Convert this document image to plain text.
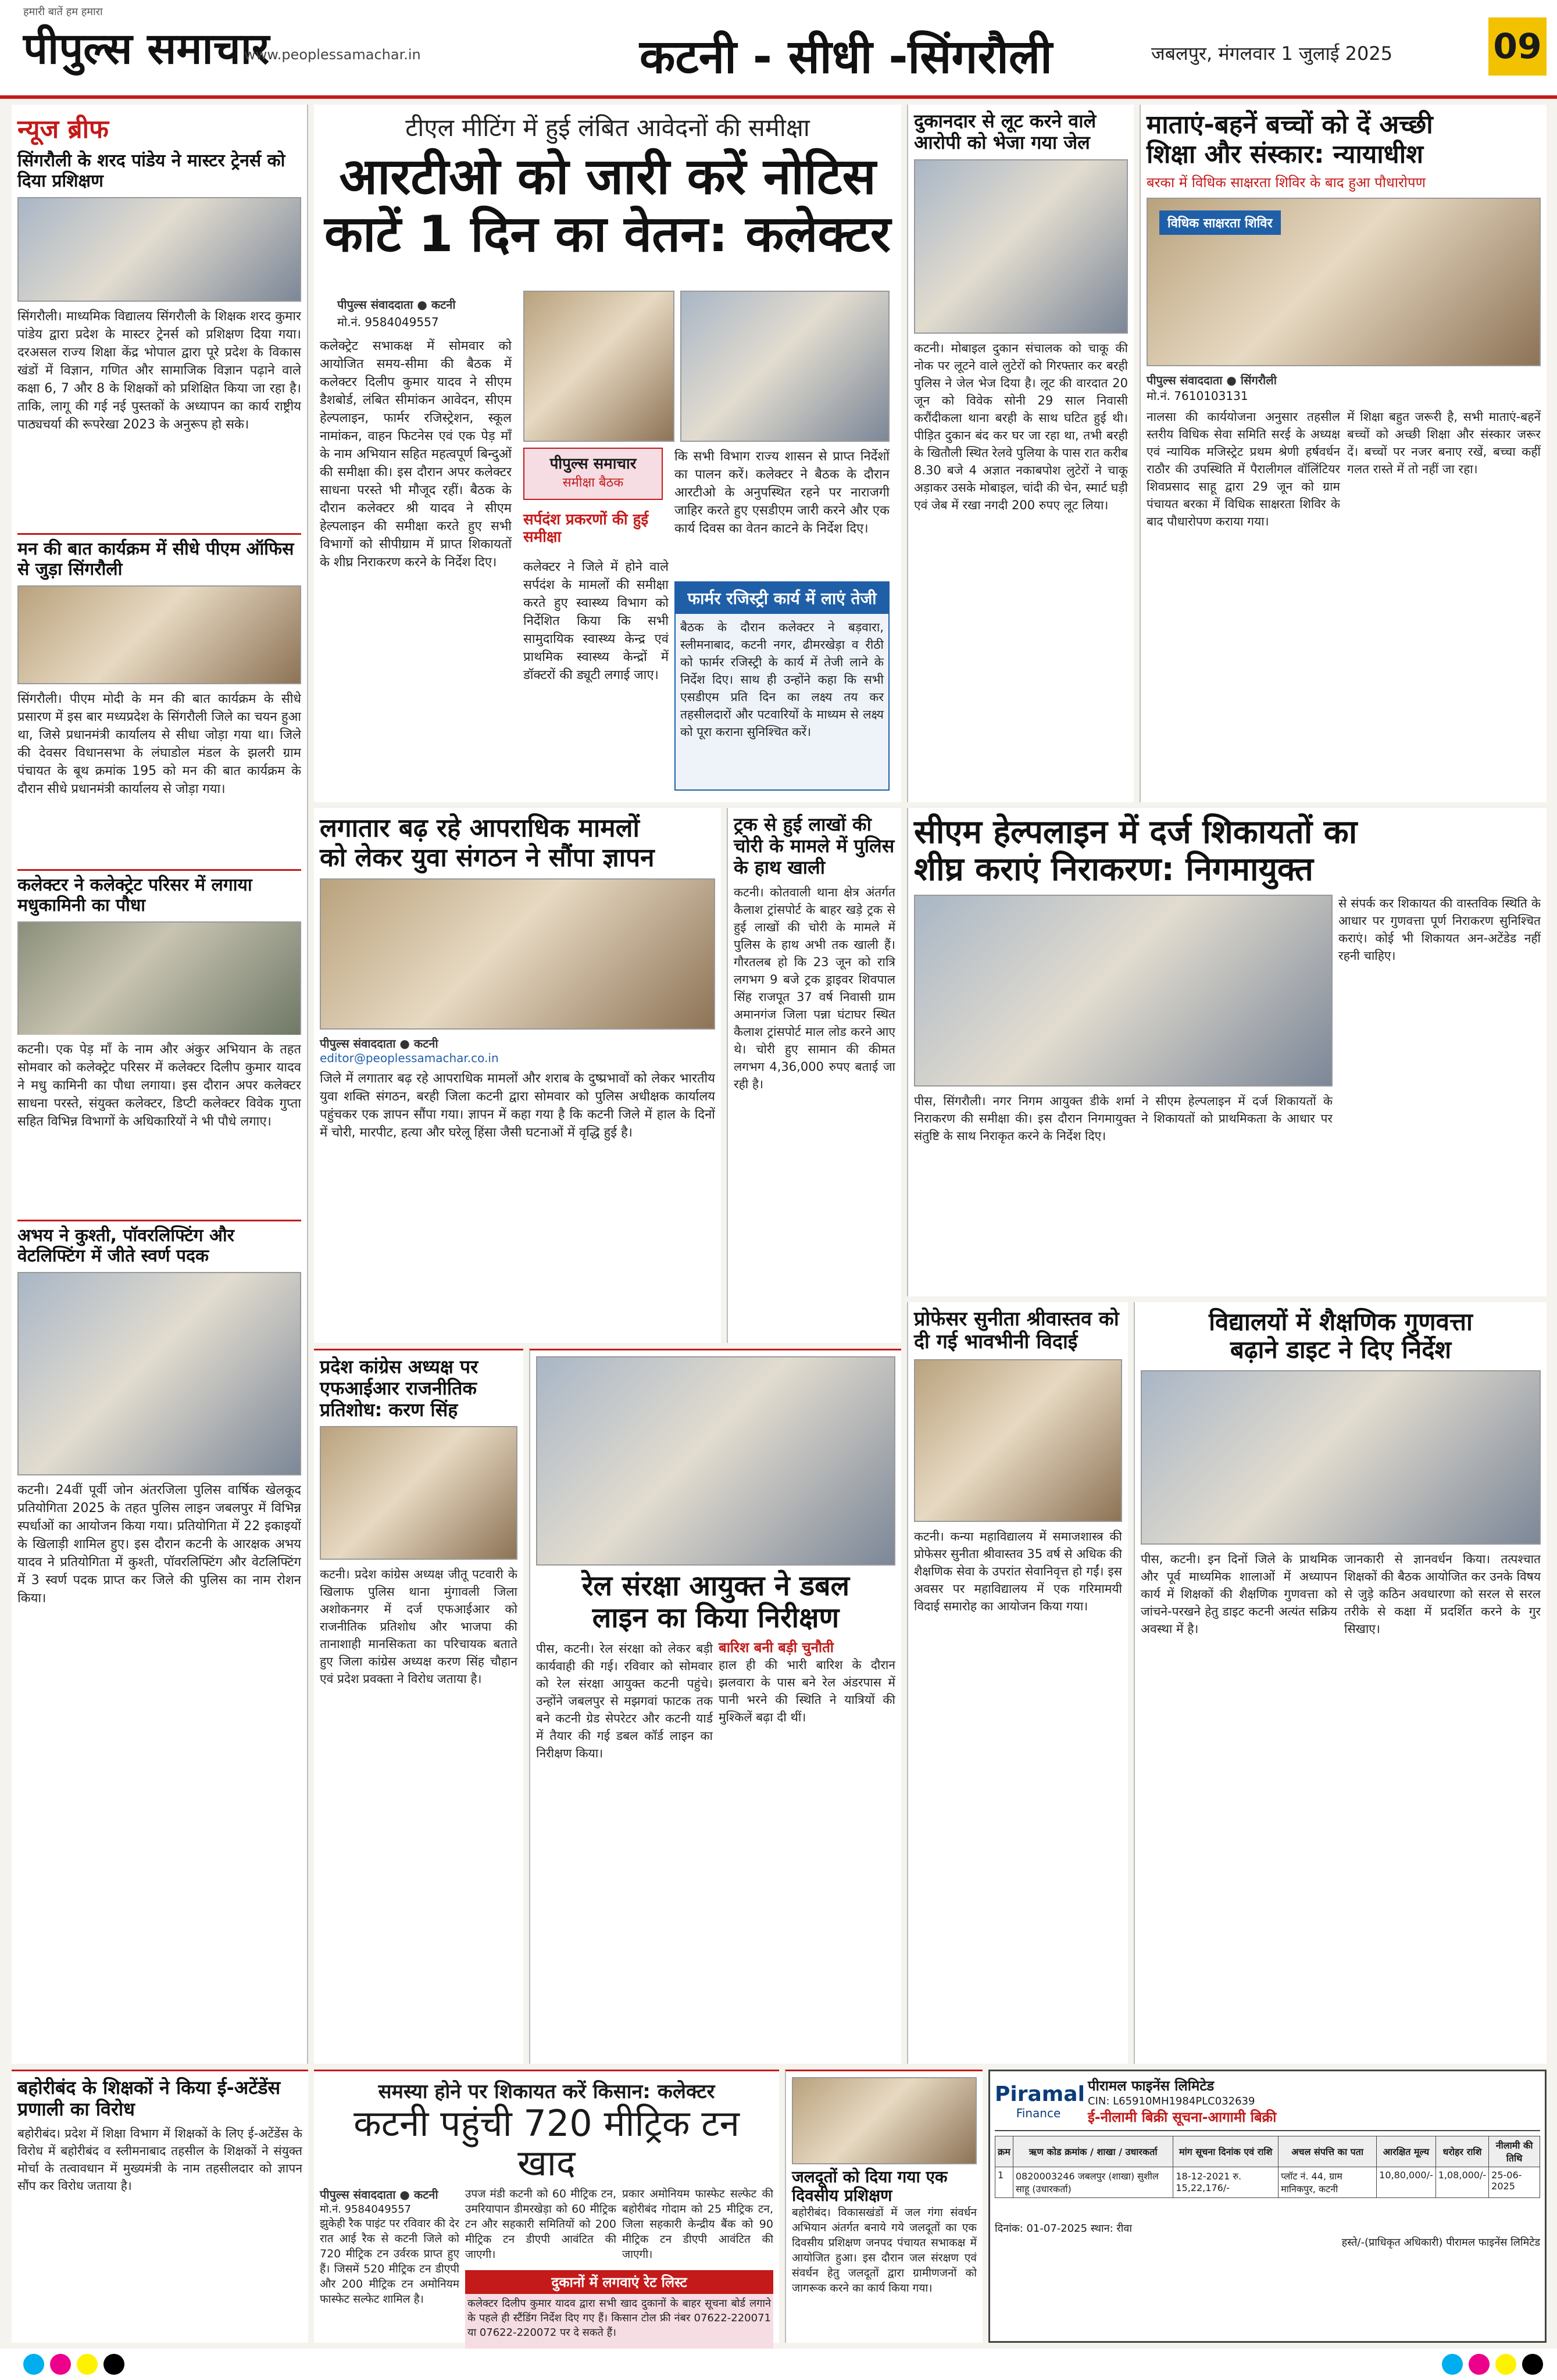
हमारी बातें हम हमारा
पीपुल्स समाचार
www.peoplessamachar.in	कटनी - सीधी -सिंगरौली	जबलपुर, मंगलवार 1 जुलाई 2025	09
न्यूज ब्रीफ
सिंगरौली के शरद पांडेय ने मास्टर ट्रेनर्स को दिया प्रशिक्षण
सिंगरौली। माध्यमिक विद्यालय सिंगरौली के शिक्षक शरद कुमार पांडेय द्वारा प्रदेश के मास्टर ट्रेनर्स को प्रशिक्षण दिया गया। दरअसल राज्य शिक्षा केंद्र भोपाल द्वारा पूरे प्रदेश के विकास खंडों में विज्ञान, गणित और सामाजिक विज्ञान पढ़ाने वाले कक्षा 6, 7 और 8 के शिक्षकों को प्रशिक्षित किया जा रहा है। ताकि, लागू की गई नई पुस्तकों के अध्यापन का कार्य राष्ट्रीय पाठ्यचर्या की रूपरेखा 2023 के अनुरूप हो सके।
मन की बात कार्यक्रम में सीधे पीएम ऑफिस से जुड़ा सिंगरौली
सिंगरौली। पीएम मोदी के मन की बात कार्यक्रम के सीधे प्रसारण में इस बार मध्यप्रदेश के सिंगरौली जिले का चयन हुआ था, जिसे प्रधानमंत्री कार्यालय से सीधा जोड़ा गया था। जिले की देवसर विधानसभा के लंघाडोल मंडल के झलरी ग्राम पंचायत के बूथ क्रमांक 195 को मन की बात कार्यक्रम के दौरान सीधे प्रधानमंत्री कार्यालय से जोड़ा गया।
कलेक्टर ने कलेक्ट्रेट परिसर में लगाया मधुकामिनी का पौधा
कटनी। एक पेड़ माँ के नाम और अंकुर अभियान के तहत सोमवार को कलेक्ट्रेट परिसर में कलेक्टर दिलीप कुमार यादव ने मधु कामिनी का पौधा लगाया। इस दौरान अपर कलेक्टर साधना परस्ते, संयुक्त कलेक्टर, डिप्टी कलेक्टर विवेक गुप्ता सहित विभिन्न विभागों के अधिकारियों ने भी पौधे लगाए।
अभय ने कुश्ती, पॉवरलिफ्टिंग और वेटलिफ्टिंग में जीते स्वर्ण पदक
कटनी। 24वीं पूर्वी जोन अंतरजिला पुलिस वार्षिक खेलकूद प्रतियोगिता 2025 के तहत पुलिस लाइन जबलपुर में विभिन्न स्पर्धाओं का आयोजन किया गया। प्रतियोगिता में 22 इकाइयों के खिलाड़ी शामिल हुए। इस दौरान कटनी के आरक्षक अभय यादव ने प्रतियोगिता में कुश्ती, पॉवरलिफ्टिंग और वेटलिफ्टिंग में 3 स्वर्ण पदक प्राप्त कर जिले की पुलिस का नाम रोशन किया।
टीएल मीटिंग में हुई लंबित आवेदनों की समीक्षा
आरटीओ को जारी करें नोटिस
काटें 1 दिन का वेतन: कलेक्टर
पीपुल्स संवाददाता ● कटनी
मो.नं. 9584049557
कलेक्ट्रेट सभाकक्ष में सोमवार को आयोजित समय-सीमा की बैठक में कलेक्टर दिलीप कुमार यादव ने सीएम डैशबोर्ड, लंबित सीमांकन आवेदन, सीएम हेल्पलाइन, फार्मर रजिस्ट्रेशन, स्कूल नामांकन, वाहन फिटनेस एवं एक पेड़ माँ के नाम अभियान सहित महत्वपूर्ण बिन्दुओं की समीक्षा की। इस दौरान अपर कलेक्टर साधना परस्ते भी मौजूद रहीं। बैठक के दौरान कलेक्टर श्री यादव ने सीएम हेल्पलाइन की समीक्षा करते हुए सभी विभागों को सीपीग्राम में प्राप्त शिकायतों के शीघ्र निराकरण करने के निर्देश दिए।
पीपुल्स समाचार
समीक्षा बैठक
कि सभी विभाग राज्य शासन से प्राप्त निर्देशों का पालन करें। कलेक्टर ने बैठक के दौरान आरटीओ के अनुपस्थित रहने पर नाराजगी जाहिर करते हुए एसडीएम जारी करने और एक कार्य दिवस का वेतन काटने के निर्देश दिए।
सर्पदंश प्रकरणों की हुई समीक्षा
कलेक्टर ने जिले में होने वाले सर्पदंश के मामलों की समीक्षा करते हुए स्वास्थ्य विभाग को निर्देशित किया कि सभी सामुदायिक स्वास्थ्य केन्द्र एवं प्राथमिक स्वास्थ्य केन्द्रों में डॉक्टरों की ड्यूटी लगाई जाए।
फार्मर रजिस्ट्री कार्य में लाएं तेजी
बैठक के दौरान कलेक्टर ने बड़वारा, स्लीमनाबाद, कटनी नगर, ढीमरखेड़ा व रीठी को फार्मर रजिस्ट्री के कार्य में तेजी लाने के निर्देश दिए। साथ ही उन्होंने कहा कि सभी एसडीएम प्रति दिन का लक्ष्य तय कर तहसीलदारों और पटवारियों के माध्यम से लक्ष्य को पूरा कराना सुनिश्चित करें।
लगातार बढ़ रहे आपराधिक मामलों
को लेकर युवा संगठन ने सौंपा ज्ञापन
पीपुल्स संवाददाता ● कटनी
editor@peoplessamachar.co.in
जिले में लगातार बढ़ रहे आपराधिक मामलों और शराब के दुष्प्रभावों को लेकर भारतीय युवा शक्ति संगठन, बरही जिला कटनी द्वारा सोमवार को पुलिस अधीक्षक कार्यालय पहुंचकर एक ज्ञापन सौंपा गया। ज्ञापन में कहा गया है कि कटनी जिले में हाल के दिनों में चोरी, मारपीट, हत्या और घरेलू हिंसा जैसी घटनाओं में वृद्धि हुई है।
ट्रक से हुई लाखों की चोरी के मामले में पुलिस के हाथ खाली
कटनी। कोतवाली थाना क्षेत्र अंतर्गत कैलाश ट्रांसपोर्ट के बाहर खड़े ट्रक से हुई लाखों की चोरी के मामले में पुलिस के हाथ अभी तक खाली हैं। गौरतलब हो कि 23 जून को रात्रि लगभग 9 बजे ट्रक ड्राइवर शिवपाल सिंह राजपूत 37 वर्ष निवासी ग्राम अमानगंज जिला पन्ना घंटाघर स्थित कैलाश ट्रांसपोर्ट माल लोड करने आए थे। चोरी हुए सामान की कीमत लगभग 4,36,000 रुपए बताई जा रही है।
दुकानदार से लूट करने वाले आरोपी को भेजा गया जेल
कटनी। मोबाइल दुकान संचालक को चाकू की नोक पर लूटने वाले लुटेरों को गिरफ्तार कर बरही पुलिस ने जेल भेज दिया है। लूट की वारदात 20 जून को विवेक सोनी 29 साल निवासी करौंदीकला थाना बरही के साथ घटित हुई थी। पीड़ित दुकान बंद कर घर जा रहा था, तभी बरही के खितौली स्थित रेलवे पुलिया के पास रात करीब 8.30 बजे 4 अज्ञात नकाबपोश लुटेरों ने चाकू अड़ाकर उसके मोबाइल, चांदी की चेन, स्मार्ट घड़ी एवं जेब में रखा नगदी 200 रुपए लूट लिया।
माताएं-बहनें बच्चों को दें अच्छी
शिक्षा और संस्कार: न्यायाधीश
बरका में विधिक साक्षरता शिविर के बाद हुआ पौधारोपण
विधिक साक्षरता शिविर
पीपुल्स संवाददाता ● सिंगरौली
मो.नं. 7610103131
नालसा की कार्ययोजना अनुसार तहसील स्तरीय विधिक सेवा समिति सरई के अध्यक्ष एवं न्यायिक मजिस्ट्रेट प्रथम श्रेणी हर्षवर्धन राठौर की उपस्थिति में पैरालीगल वॉलिंटियर शिवप्रसाद साहू द्वारा 29 जून को ग्राम पंचायत बरका में विधिक साक्षरता शिविर के बाद पौधारोपण कराया गया।
में शिक्षा बहुत जरूरी है, सभी माताएं-बहनें बच्चों को अच्छी शिक्षा और संस्कार जरूर दें। बच्चों पर नजर बनाए रखें, बच्चा कहीं गलत रास्ते में तो नहीं जा रहा।
सीएम हेल्पलाइन में दर्ज शिकायतों का
शीघ्र कराएं निराकरण: निगमायुक्त
से संपर्क कर शिकायत की वास्तविक स्थिति के आधार पर गुणवत्ता पूर्ण निराकरण सुनिश्चित कराएं। कोई भी शिकायत अन-अटेंडेड नहीं रहनी चाहिए।
पीस, सिंगरौली। नगर निगम आयुक्त डीके शर्मा ने सीएम हेल्पलाइन में दर्ज शिकायतों के निराकरण की समीक्षा की। इस दौरान निगमायुक्त ने शिकायतों को प्राथमिकता के आधार पर संतुष्टि के साथ निराकृत करने के निर्देश दिए।
प्रदेश कांग्रेस अध्यक्ष पर
एफआईआर राजनीतिक
प्रतिशोध: करण सिंह
कटनी। प्रदेश कांग्रेस अध्यक्ष जीतू पटवारी के खिलाफ पुलिस थाना मुंगावली जिला अशोकनगर में दर्ज एफआईआर को राजनीतिक प्रतिशोध और भाजपा की तानाशाही मानसिकता का परिचायक बताते हुए जिला कांग्रेस अध्यक्ष करण सिंह चौहान एवं प्रदेश प्रवक्ता ने विरोध जताया है।
रेल संरक्षा आयुक्त ने डबल
लाइन का किया निरीक्षण
पीस, कटनी। रेल संरक्षा को लेकर बड़ी कार्यवाही की गई। रविवार को सोमवार को रेल संरक्षा आयुक्त कटनी पहुंचे। उन्होंने जबलपुर से मझगवां फाटक तक बने कटनी ग्रेड सेपरेटर और कटनी यार्ड में तैयार की गई डबल कॉर्ड लाइन का निरीक्षण किया।
बारिश बनी बड़ी चुनौती
हाल ही की भारी बारिश के दौरान झलवारा के पास बने रेल अंडरपास में पानी भरने की स्थिति ने यात्रियों की मुश्किलें बढ़ा दी थीं।
प्रोफेसर सुनीता श्रीवास्तव को दी गई भावभीनी विदाई
कटनी। कन्या महाविद्यालय में समाजशास्त्र की प्रोफेसर सुनीता श्रीवास्तव 35 वर्ष से अधिक की शैक्षणिक सेवा के उपरांत सेवानिवृत्त हो गईं। इस अवसर पर महाविद्यालय में एक गरिमामयी विदाई समारोह का आयोजन किया गया।
विद्यालयों में शैक्षणिक गुणवत्ता
बढ़ाने डाइट ने दिए निर्देश
पीस, कटनी। इन दिनों जिले के प्राथमिक और पूर्व माध्यमिक शालाओं में अध्यापन कार्य में शिक्षकों की शैक्षणिक गुणवत्ता को जांचने-परखने हेतु डाइट कटनी अत्यंत सक्रिय अवस्था में है।
जानकारी से ज्ञानवर्धन किया। तत्पश्चात शिक्षकों की बैठक आयोजित कर उनके विषय से जुड़े कठिन अवधारणा को सरल से सरल तरीके से कक्षा में प्रदर्शित करने के गुर सिखाए।
बहोरीबंद के शिक्षकों ने किया ई-अटेंडेंस प्रणाली का विरोध
बहोरीबंद। प्रदेश में शिक्षा विभाग में शिक्षकों के लिए ई-अटेंडेंस के विरोध में बहोरीबंद व स्लीमनाबाद तहसील के शिक्षकों ने संयुक्त मोर्चा के तत्वावधान में मुख्यमंत्री के नाम तहसीलदार को ज्ञापन सौंप कर विरोध जताया है।
समस्या होने पर शिकायत करें किसान: कलेक्टर
कटनी पहुंची 720 मीट्रिक टन खाद
पीपुल्स संवाददाता ● कटनी
मो.नं. 9584049557
झुकेही रैक पाइंट पर रविवार की देर रात आई रैक से कटनी जिले को 720 मीट्रिक टन उर्वरक प्राप्त हुए हैं। जिसमें 520 मीट्रिक टन डीएपी और 200 मीट्रिक टन अमोनियम फास्फेट सल्फेट शामिल है।
उपज मंडी कटनी को 60 मीट्रिक टन, उमरियापान डीमरखेड़ा को 60 मीट्रिक टन और सहकारी समितियों को 200 मीट्रिक टन डीएपी आवंटित की जाएगी।
प्रकार अमोनियम फास्फेट सल्फेट की बहोरीबंद गोदाम को 25 मीट्रिक टन, जिला सहकारी केन्द्रीय बैंक को 90 मीट्रिक टन डीएपी आवंटित की जाएगी।
दुकानों में लगवाएं रेट लिस्ट
कलेक्टर दिलीप कुमार यादव द्वारा सभी खाद दुकानों के बाहर सूचना बोर्ड लगाने के पहले ही स्टैंडिंग निर्देश दिए गए हैं। किसान टोल फ्री नंबर 07622-220071 या 07622-220072 पर दे सकते हैं।
जलदूतों को दिया गया एक दिवसीय प्रशिक्षण
बहोरीबंद। विकासखंडों में जल गंगा संवर्धन अभियान अंतर्गत बनाये गये जलदूतों का एक दिवसीय प्रशिक्षण जनपद पंचायत सभाकक्ष में आयोजित हुआ। इस दौरान जल संरक्षण एवं संवर्धन हेतु जलदूतों द्वारा ग्रामीणजनों को जागरूक करने का कार्य किया गया।
Piramal
Finance
पीरामल फाइनेंस लिमिटेड
CIN: L65910MH1984PLC032639
ई-नीलामी बिक्री सूचना-आगामी बिक्री
क्रम	ऋण कोड क्रमांक / शाखा / उधारकर्ता	मांग सूचना दिनांक एवं राशि	अचल संपत्ति का पता	आरक्षित मूल्य	धरोहर राशि	नीलामी की तिथि
1	0820003246 जबलपुर (शाखा) सुशील साहू (उधारकर्ता)	18-12-2021 रु. 15,22,176/-	प्लॉट नं. 44, ग्राम मानिकपुर, कटनी	10,80,000/-	1,08,000/-	25-06-2025
दिनांक: 01-07-2025 स्थान: रीवा
हस्ते/-(प्राधिकृत अधिकारी) पीरामल फाइनेंस लिमिटेड
